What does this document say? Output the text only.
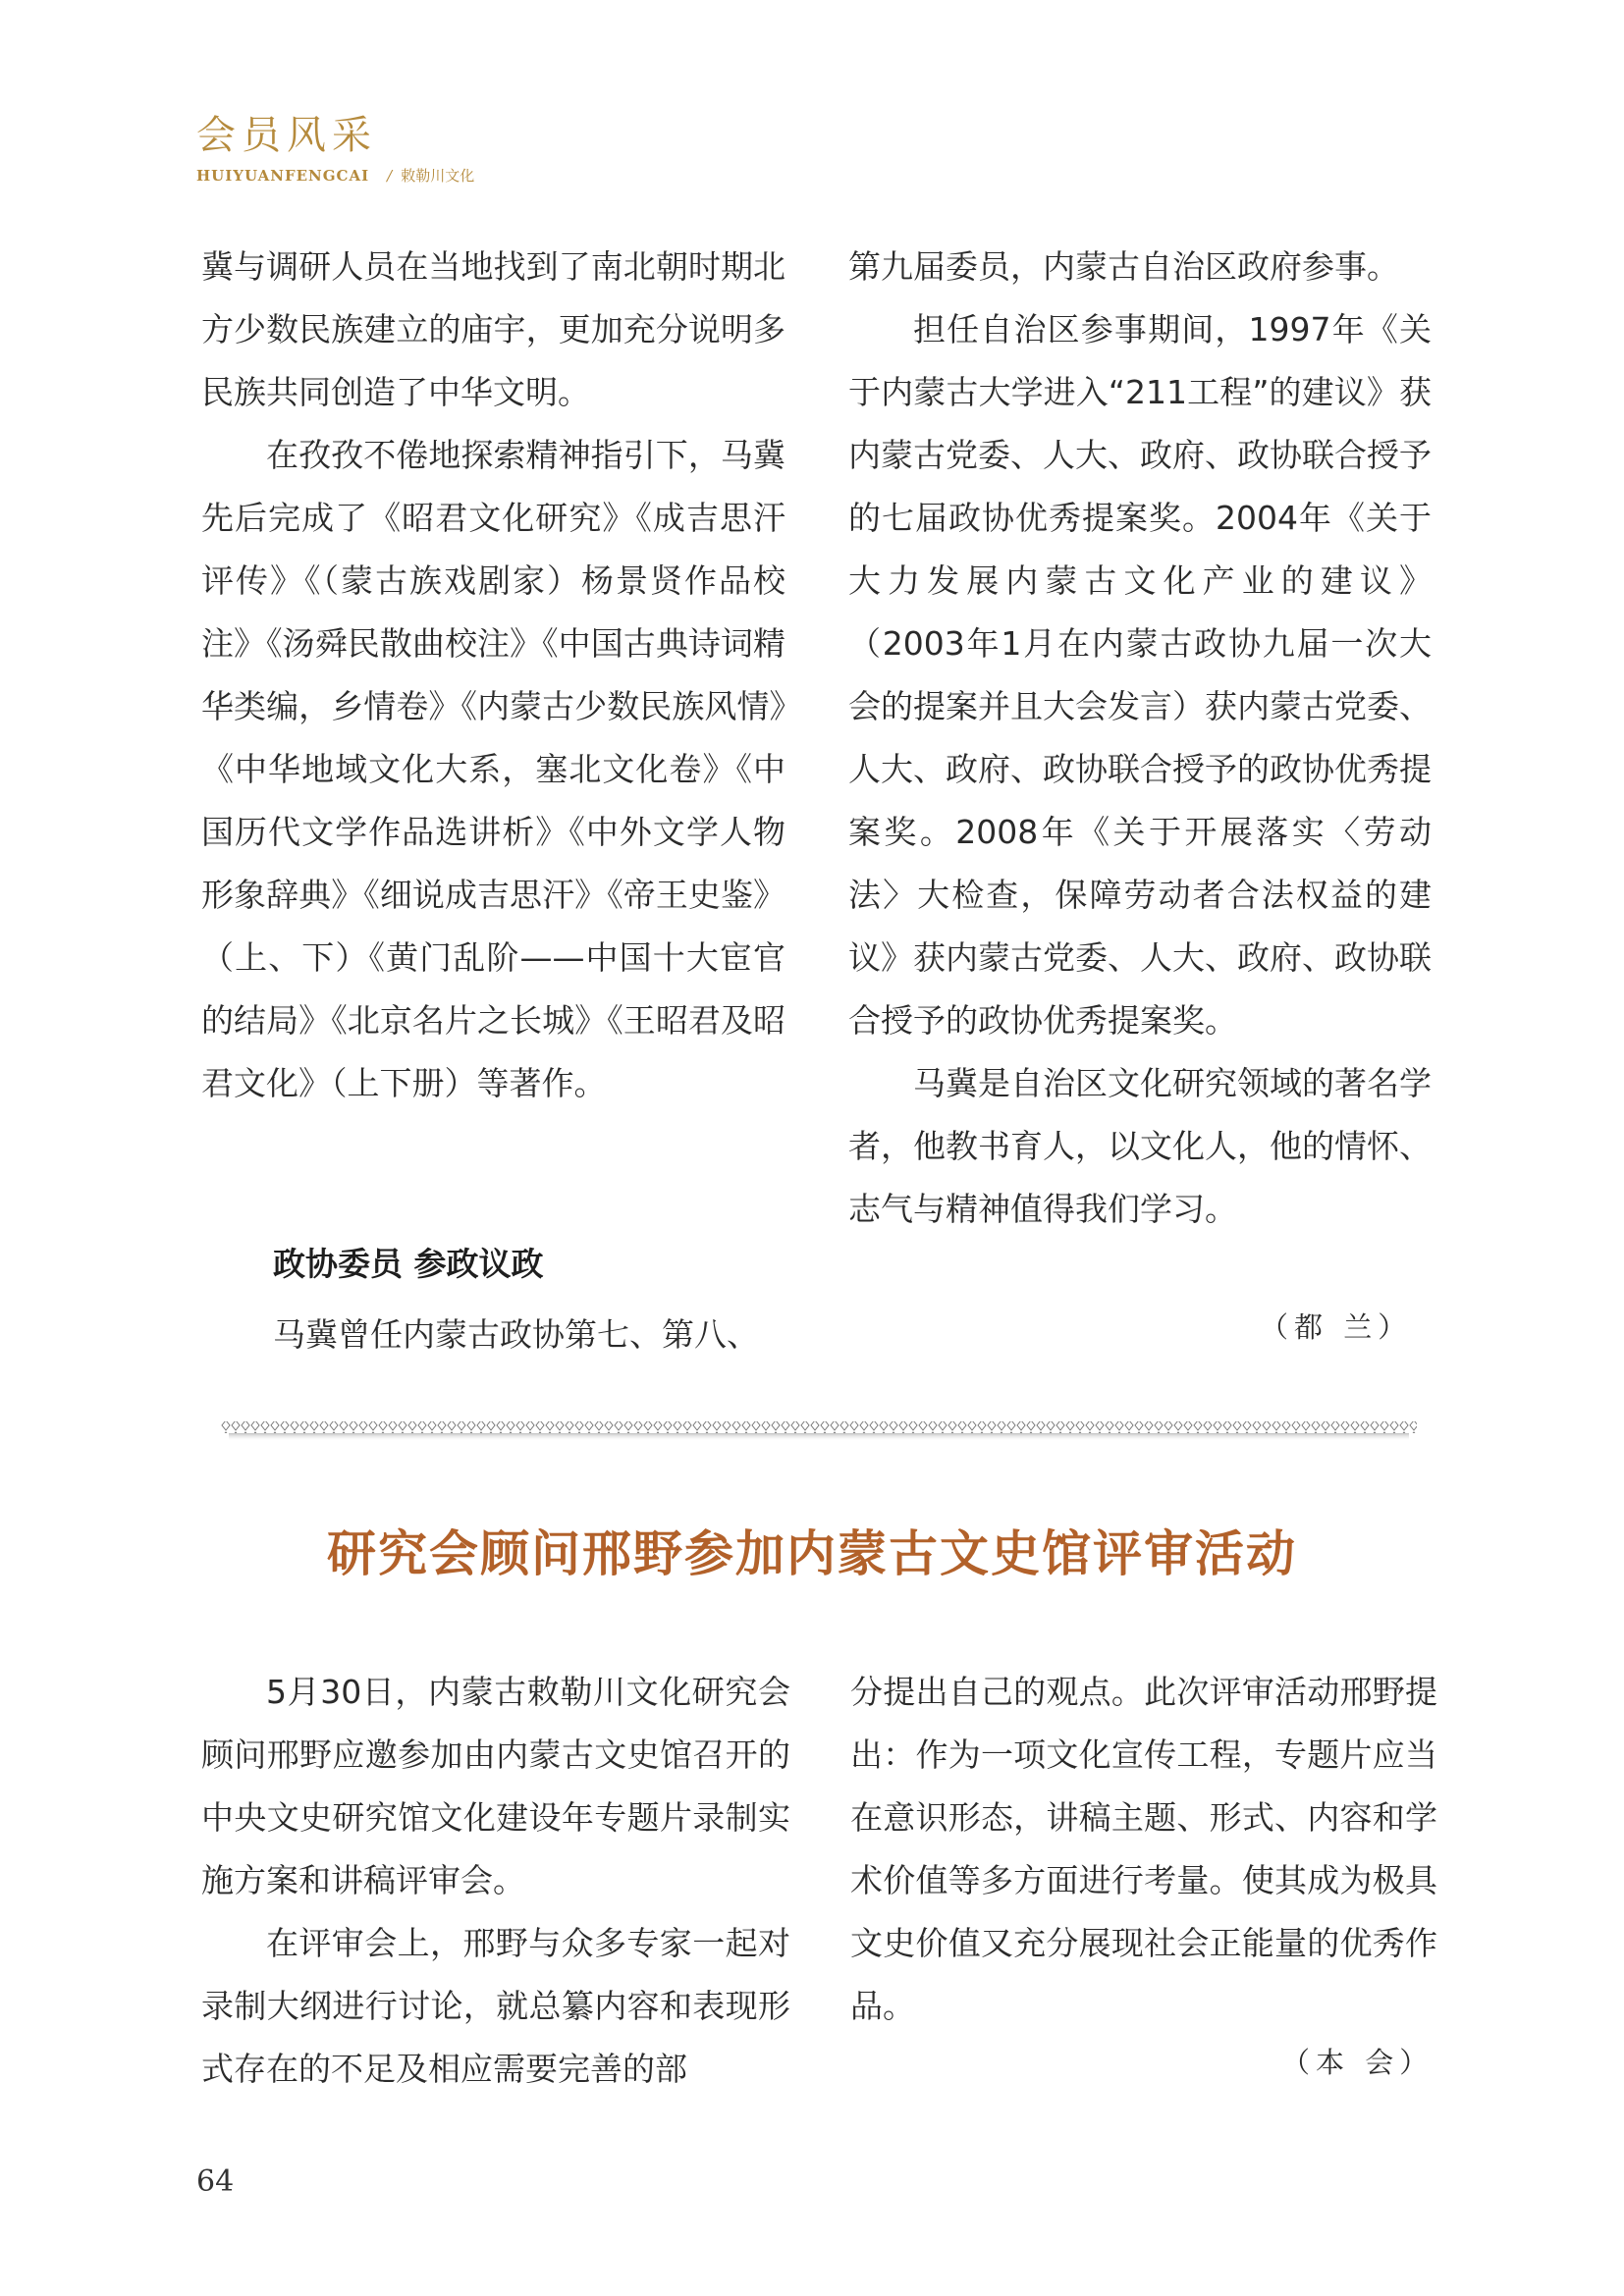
会员风采
HUIYUANFENGCAI / 敕勒川文化

冀与调研人员在当地找到了南北朝时期北方少数民族建立的庙宇，更加充分说明多民族共同创造了中华文明。

在孜孜不倦地探索精神指引下，马冀先后完成了《昭君文化研究》《成吉思汗评传》《（蒙古族戏剧家）杨景贤作品校注》《汤舜民散曲校注》《中国古典诗词精华类编，乡情卷》《内蒙古少数民族风情》《中华地域文化大系，塞北文化卷》《中国历代文学作品选讲析》《中外文学人物形象辞典》《细说成吉思汗》《帝王史鉴》（上、下）《黄门乱阶——中国十大宦官的结局》《北京名片之长城》《王昭君及昭君文化》（上下册）等著作。

政协委员 参政议政
马冀曾任内蒙古政协第七、第八、

第九届委员，内蒙古自治区政府参事。

担任自治区参事期间，1997年《关于内蒙古大学进入“211工程”的建议》获内蒙古党委、人大、政府、政协联合授予的七届政协优秀提案奖。2004年《关于大力发展内蒙古文化产业的建议》（2003年1月在内蒙古政协九届一次大会的提案并且大会发言）获内蒙古党委、人大、政府、政协联合授予的政协优秀提案奖。2008年《关于开展落实〈劳动法〉大检查，保障劳动者合法权益的建议》获内蒙古党委、人大、政府、政协联合授予的政协优秀提案奖。

马冀是自治区文化研究领域的著名学者，他教书育人，以文化人，他的情怀、志气与精神值得我们学习。

（都 兰）
研究会顾问邢野参加内蒙古文史馆评审活动

5月30日，内蒙古敕勒川文化研究会顾问邢野应邀参加由内蒙古文史馆召开的中央文史研究馆文化建设年专题片录制实施方案和讲稿评审会。

在评审会上，邢野与众多专家一起对录制大纲进行讨论，就总纂内容和表现形式存在的不足及相应需要完善的部

分提出自己的观点。此次评审活动邢野提出：作为一项文化宣传工程，专题片应当在意识形态，讲稿主题、形式、内容和学术价值等多方面进行考量。使其成为极具文史价值又充分展现社会正能量的优秀作品。

（本 会）
64
